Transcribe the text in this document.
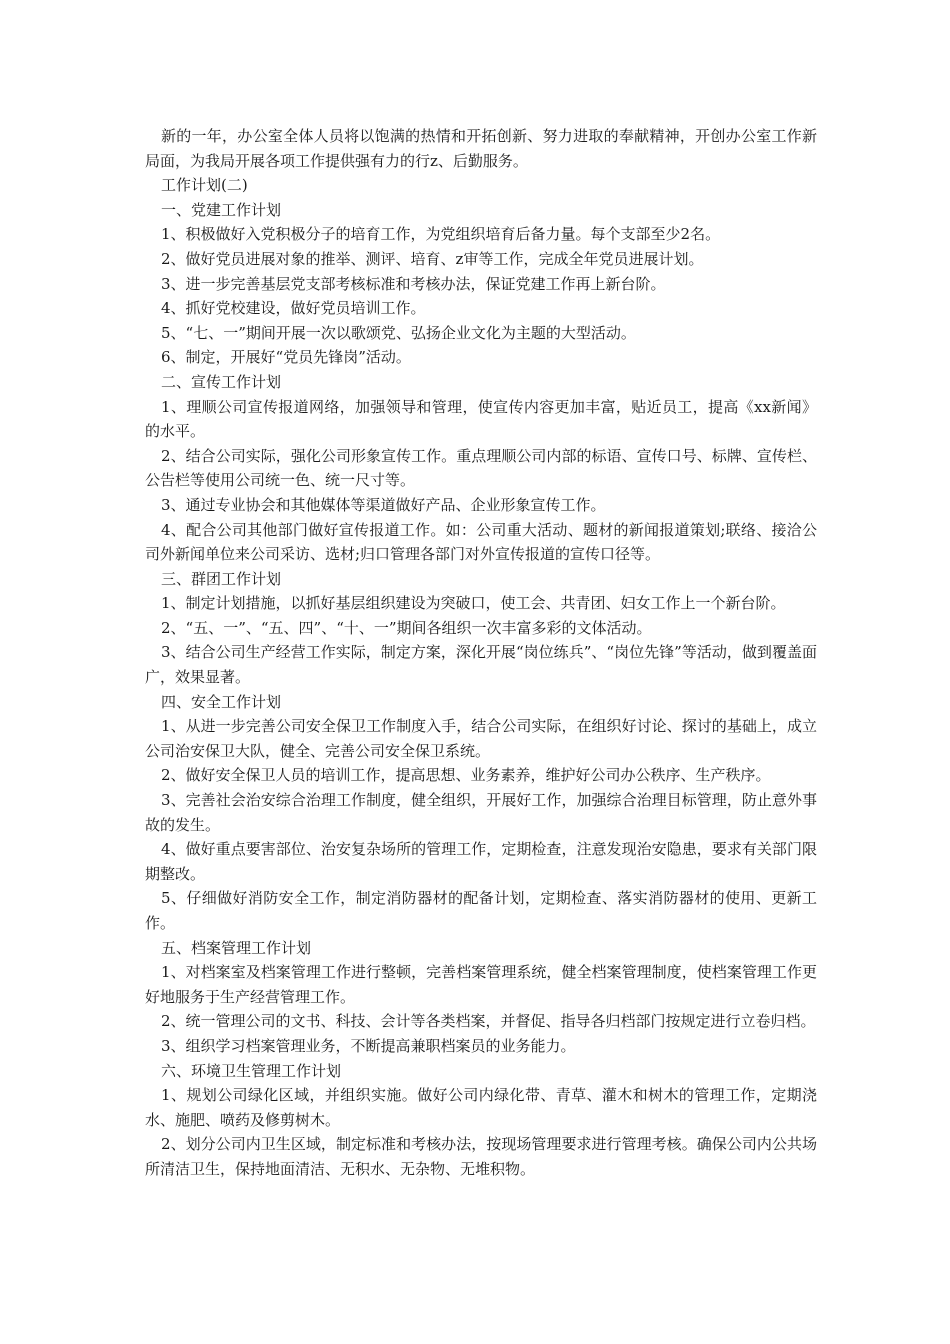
新的一年，办公室全体人员将以饱满的热情和开拓创新、努力进取的奉献精神，开创办公室工作新局面，为我局开展各项工作提供强有力的行z、后勤服务。

工作计划(二)

一、党建工作计划

1、积极做好入党积极分子的培育工作，为党组织培育后备力量。每个支部至少2名。

2、做好党员进展对象的推举、测评、培育、z审等工作，完成全年党员进展计划。

3、进一步完善基层党支部考核标准和考核办法，保证党建工作再上新台阶。

4、抓好党校建设，做好党员培训工作。

5、“七、一”期间开展一次以歌颂党、弘扬企业文化为主题的大型活动。

6、制定，开展好“党员先锋岗”活动。

二、宣传工作计划

1、理顺公司宣传报道网络，加强领导和管理，使宣传内容更加丰富，贴近员工，提高《xx新闻》的水平。

2、结合公司实际，强化公司形象宣传工作。重点理顺公司内部的标语、宣传口号、标牌、宣传栏、公告栏等使用公司统一色、统一尺寸等。

3、通过专业协会和其他媒体等渠道做好产品、企业形象宣传工作。

4、配合公司其他部门做好宣传报道工作。如：公司重大活动、题材的新闻报道策划;联络、接洽公司外新闻单位来公司采访、选材;归口管理各部门对外宣传报道的宣传口径等。

三、群团工作计划

1、制定计划措施，以抓好基层组织建设为突破口，使工会、共青团、妇女工作上一个新台阶。

2、“五、一”、“五、四”、“十、一”期间各组织一次丰富多彩的文体活动。

3、结合公司生产经营工作实际，制定方案，深化开展“岗位练兵”、“岗位先锋”等活动，做到覆盖面广，效果显著。

四、安全工作计划

1、从进一步完善公司安全保卫工作制度入手，结合公司实际，在组织好讨论、探讨的基础上，成立公司治安保卫大队，健全、完善公司安全保卫系统。

2、做好安全保卫人员的培训工作，提高思想、业务素养，维护好公司办公秩序、生产秩序。

3、完善社会治安综合治理工作制度，健全组织，开展好工作，加强综合治理目标管理，防止意外事故的发生。

4、做好重点要害部位、治安复杂场所的管理工作，定期检查，注意发现治安隐患，要求有关部门限期整改。

5、仔细做好消防安全工作，制定消防器材的配备计划，定期检查、落实消防器材的使用、更新工作。

五、档案管理工作计划

1、对档案室及档案管理工作进行整顿，完善档案管理系统，健全档案管理制度，使档案管理工作更好地服务于生产经营管理工作。

2、统一管理公司的文书、科技、会计等各类档案，并督促、指导各归档部门按规定进行立卷归档。

3、组织学习档案管理业务，不断提高兼职档案员的业务能力。

六、环境卫生管理工作计划

1、规划公司绿化区域，并组织实施。做好公司内绿化带、青草、灌木和树木的管理工作，定期浇水、施肥、喷药及修剪树木。

2、划分公司内卫生区域，制定标准和考核办法，按现场管理要求进行管理考核。确保公司内公共场所清洁卫生，保持地面清洁、无积水、无杂物、无堆积物。
